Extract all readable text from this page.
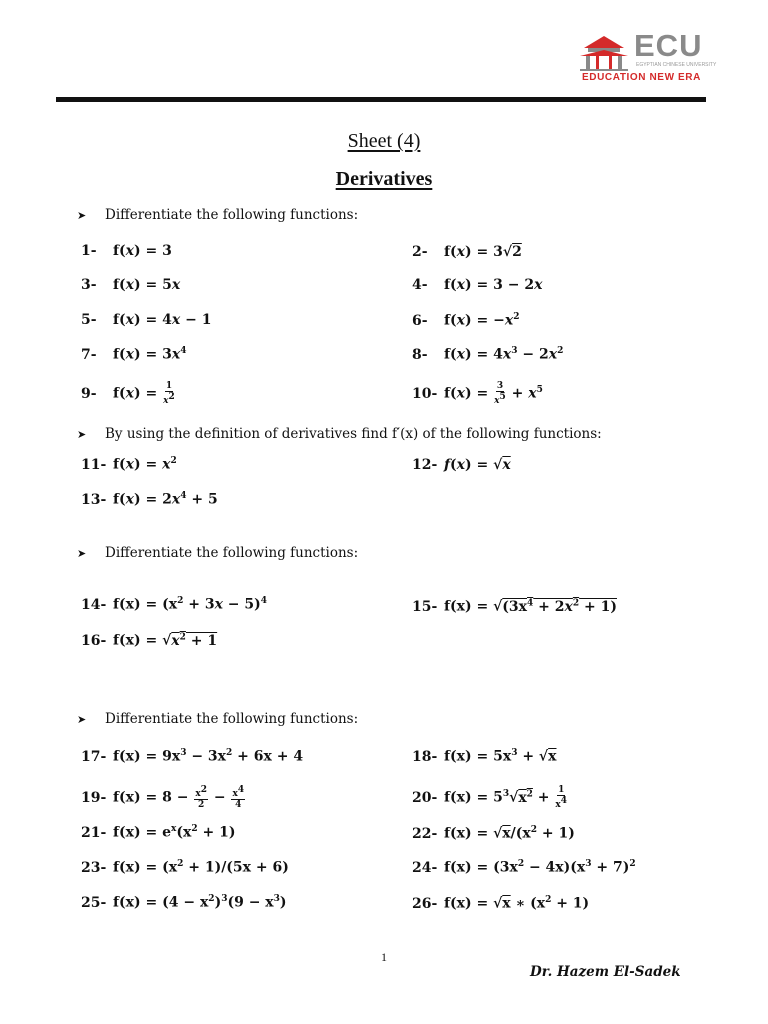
ECU
EGYPTIAN CHINESE UNIVERSITY
EDUCATION NEW ERA
Sheet (4)
Derivatives
➤ Differentiate the following functions:
1- f(x) = 3	2- f(x) = 3√2
3- f(x) = 5x	4- f(x) = 3 − 2x
5- f(x) = 4x − 1	6- $f(x) = -x^2$
7- $f(x) = 3x^4$	8- $f(x) = 4x^3 - 2x^2$
9- $f(x) = \frac{1}{x^2}$	10- $f(x) = \frac{3}{x^5} + x^5$
➤ By using the definition of derivatives find f′(x) of the following functions:
11- $f(x) = x^2$	12- f(x) = √x
13- $f(x) = 2x^4 + 5$
➤ Differentiate the following functions:
14- $f(x) = (x^2 + 3x - 5)^4$	15- $f(x) = √(3x^4 + 2x^2 + 1)$
16- $f(x) = √x^2 + 1$
➤ Differentiate the following functions:
17- $f(x) = 9x^3 - 3x^2 + 6x + 4$	18- $f(x) = 5x^3 + √x$
19- $f(x) = 8 - \frac{x^2}{2} - \frac{x^4}{4}$	20- $f(x) = 5^3√x^2 + \frac{1}{x^4}$
21- $f(x) = e^x(x^2 + 1)$	22- $f(x) = √x/(x^2 + 1)$
23- $f(x) = (x^2 + 1)/(5x + 6)$	24- $f(x) = (3x^2 - 4x)(x^3 + 7)^2$
25- $f(x) = (4 - x^2)^3(9 - x^3)$	26- f(x) = √x ∗ $(x^2 + 1)$
1
Dr. Hazem El-Sadek
